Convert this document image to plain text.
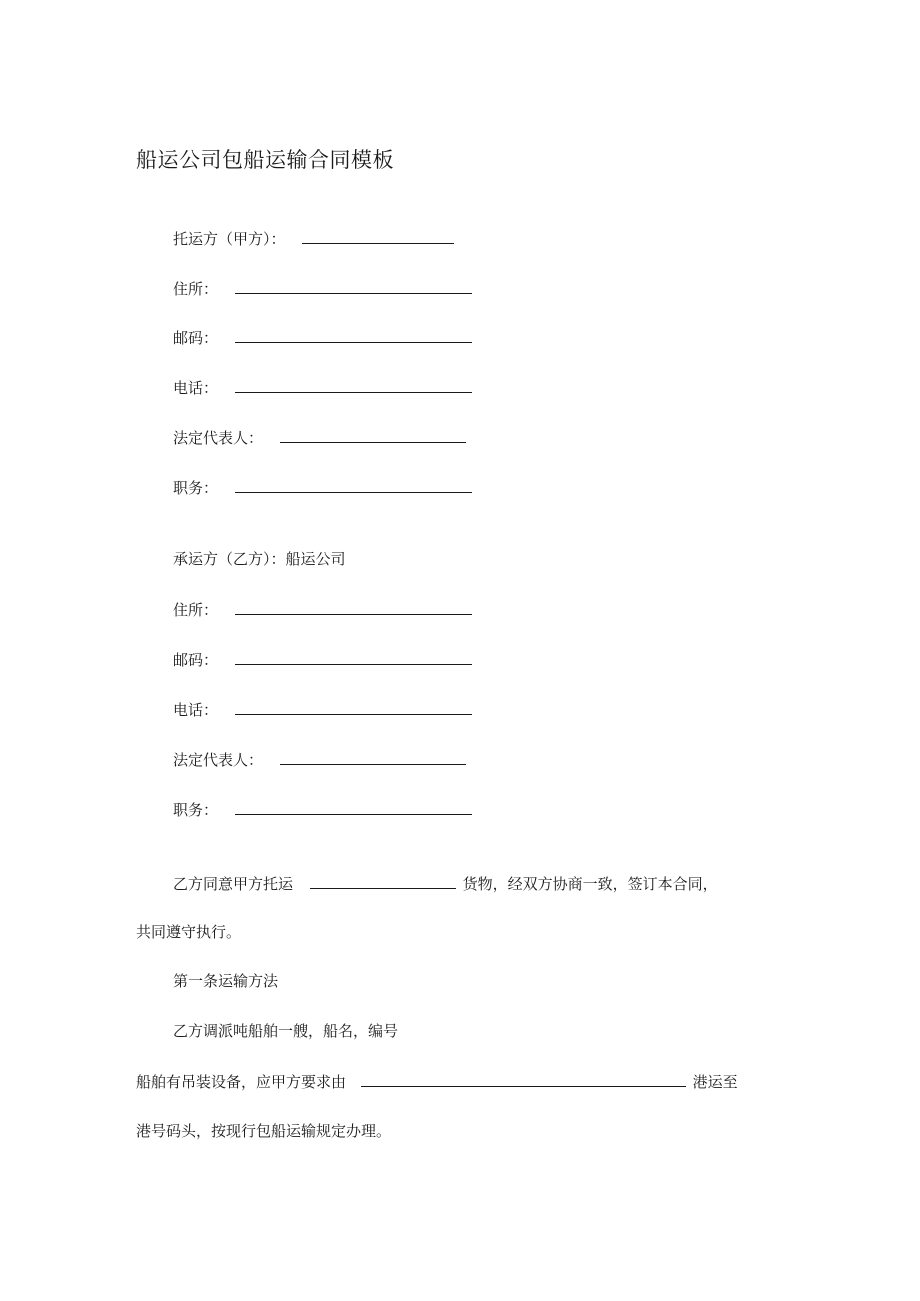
船运公司包船运输合同模板
托运方（甲方）：
住所：
邮码：
电话：
法定代表人：
职务：
承运方（乙方）：船运公司
住所：
邮码：
电话：
法定代表人：
职务：
乙方同意甲方托运	货物，经双方协商一致，签订本合同，
共同遵守执行。
第一条运输方法
乙方调派吨船舶一艘，船名，编号
船舶有吊装设备，应甲方要求由	港运至
港号码头，按现行包船运输规定办理。
